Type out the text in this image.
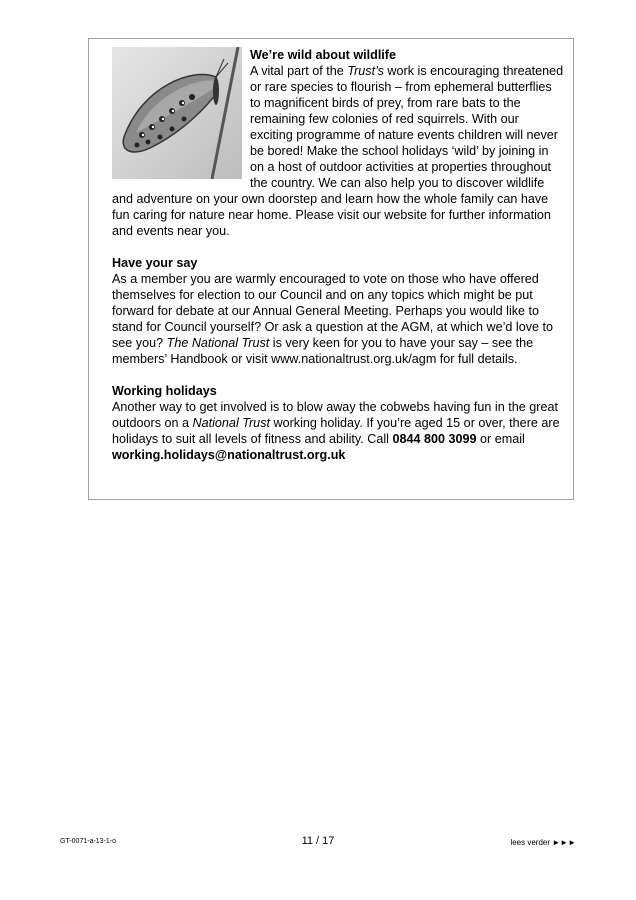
We’re wild about wildlife

A vital part of the Trust’s work is encouraging threatened or rare species to flourish – from ephemeral butterflies to magnificent birds of prey, from rare bats to the remaining few colonies of red squirrels. With our exciting programme of nature events children will never be bored! Make the school holidays ‘wild’ by joining in on a host of outdoor activities at properties throughout the country. We can also help you to discover wildlife and adventure on your own doorstep and learn how the whole family can have fun caring for nature near home. Please visit our website for further information and events near you.

Have your say

As a member you are warmly encouraged to vote on those who have offered themselves for election to our Council and on any topics which might be put forward for debate at our Annual General Meeting. Perhaps you would like to stand for Council yourself? Or ask a question at the AGM, at which we’d love to see you? The National Trust is very keen for you to have your say – see the members’ Handbook or visit www.nationaltrust.org.uk/agm for full details.

Working holidays

Another way to get involved is to blow away the cobwebs having fun in the great outdoors on a National Trust working holiday. If you’re aged 15 or over, there are holidays to suit all levels of fitness and ability. Call 0844 800 3099 or email working.holidays@nationaltrust.org.uk

GT-0071-a-13-1-o	11 / 17	lees verder ►►►
